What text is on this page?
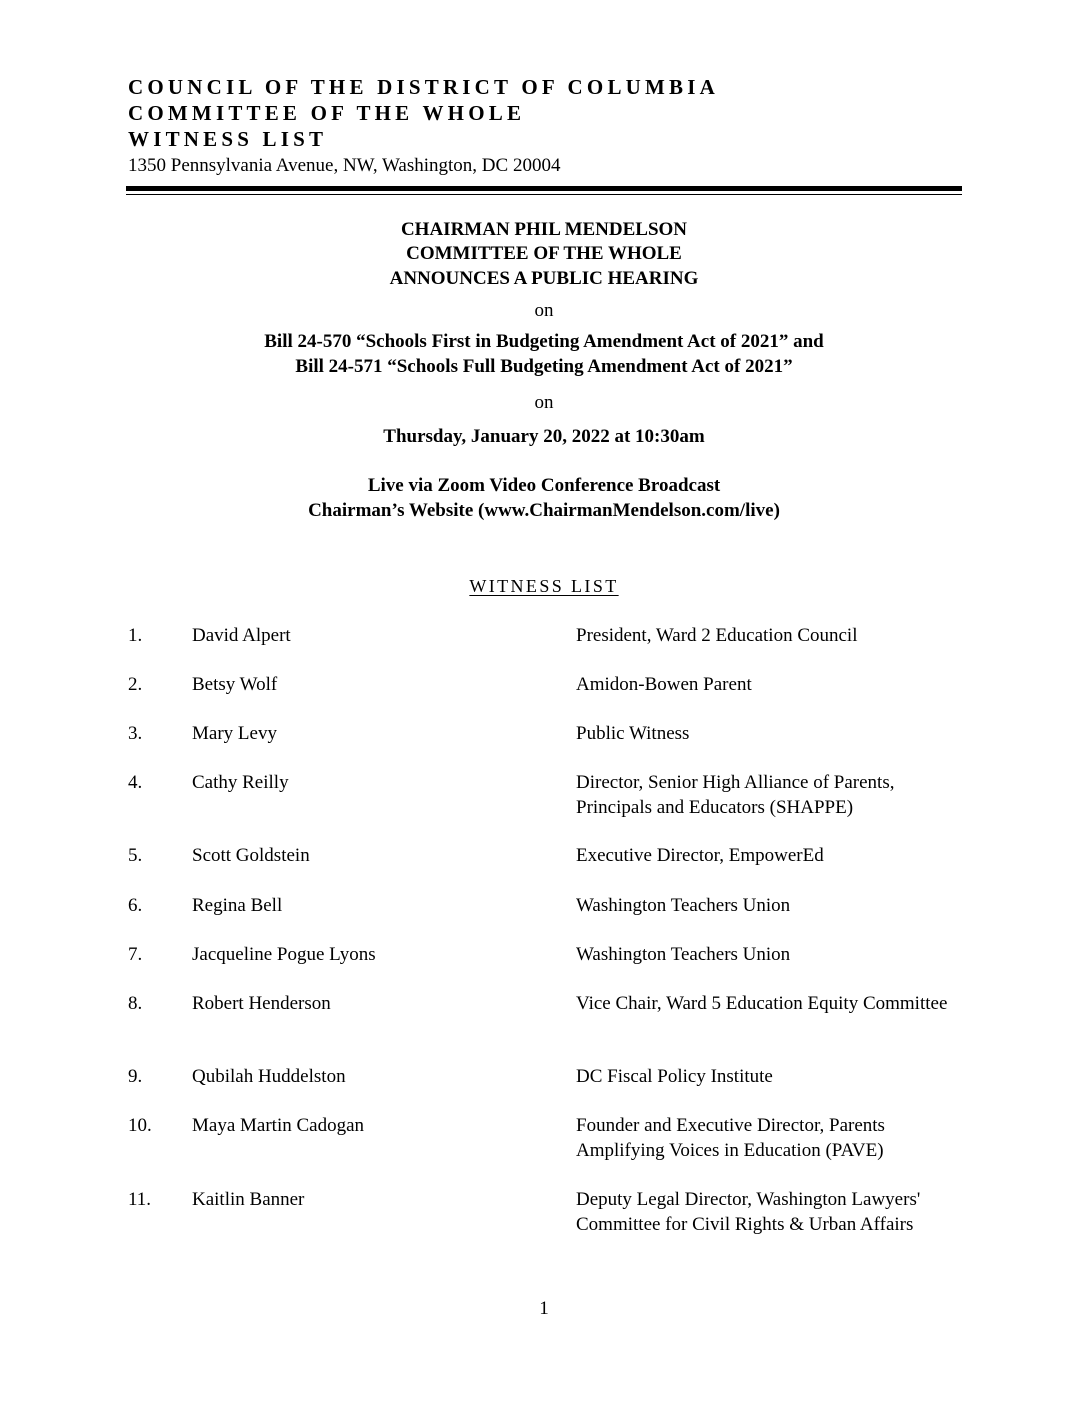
COUNCIL OF THE DISTRICT OF COLUMBIA
COMMITTEE OF THE WHOLE
WITNESS LIST
1350 Pennsylvania Avenue, NW, Washington, DC 20004
CHAIRMAN PHIL MENDELSON
COMMITTEE OF THE WHOLE
ANNOUNCES A PUBLIC HEARING
on
Bill 24-570 “Schools First in Budgeting Amendment Act of 2021” and
Bill 24-571 “Schools Full Budgeting Amendment Act of 2021”
on
Thursday, January 20, 2022 at 10:30am
Live via Zoom Video Conference Broadcast
Chairman’s Website (www.ChairmanMendelson.com/live)
WITNESS LIST
1.	David Alpert	President, Ward 2 Education Council
2.	Betsy Wolf	Amidon-Bowen Parent
3.	Mary Levy	Public Witness
4.	Cathy Reilly	Director, Senior High Alliance of Parents, Principals and Educators (SHAPPE)
5.	Scott Goldstein	Executive Director, EmpowerEd
6.	Regina Bell	Washington Teachers Union
7.	Jacqueline Pogue Lyons	Washington Teachers Union
8.	Robert Henderson	Vice Chair, Ward 5 Education Equity Committee
9.	Qubilah Huddelston	DC Fiscal Policy Institute
10. Maya Martin Cadogan	Founder and Executive Director, Parents Amplifying Voices in Education (PAVE)
11. Kaitlin Banner	Deputy Legal Director, Washington Lawyers' Committee for Civil Rights & Urban Affairs
1
